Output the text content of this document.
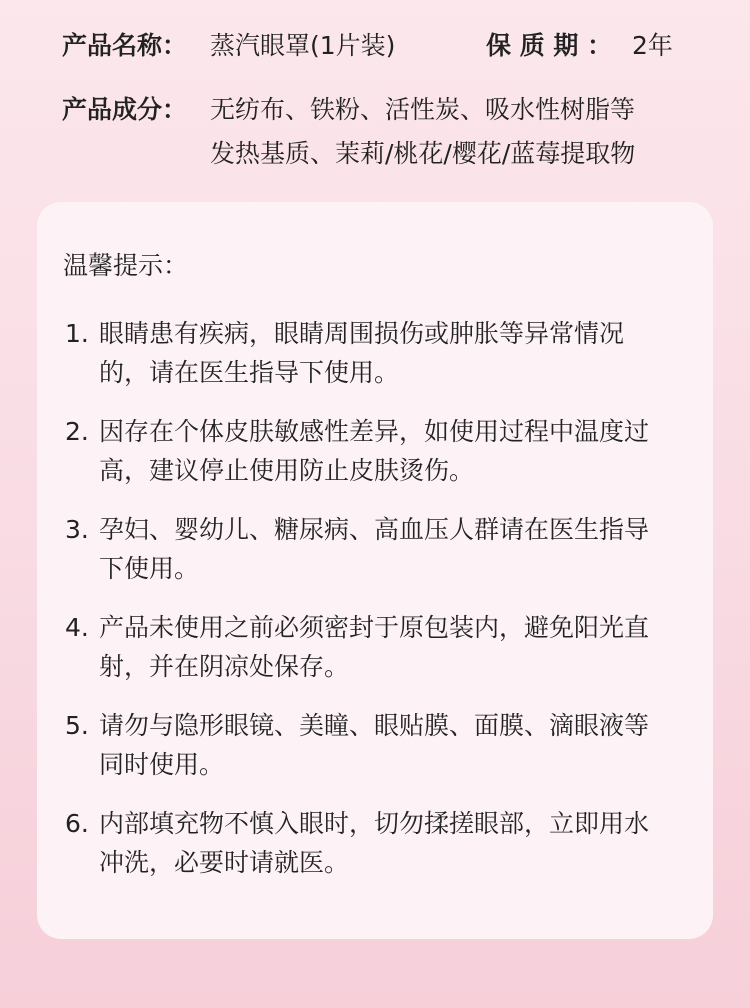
产品名称： 蒸汽眼罩(1片装)	保 质 期 ： 2年
产品成分： 无纺布、铁粉、活性炭、吸水性树脂等
发热基质、茉莉/桃花/樱花/蓝莓提取物
温馨提示：
1. 眼睛患有疾病，眼睛周围损伤或肿胀等异常情况的，请在医生指导下使用。
2. 因存在个体皮肤敏感性差异，如使用过程中温度过高，建议停止使用防止皮肤烫伤。
3. 孕妇、婴幼儿、糖尿病、高血压人群请在医生指导下使用。
4. 产品未使用之前必须密封于原包装内，避免阳光直射，并在阴凉处保存。
5. 请勿与隐形眼镜、美瞳、眼贴膜、面膜、滴眼液等同时使用。
6. 内部填充物不慎入眼时，切勿揉搓眼部，立即用水冲洗，必要时请就医。
